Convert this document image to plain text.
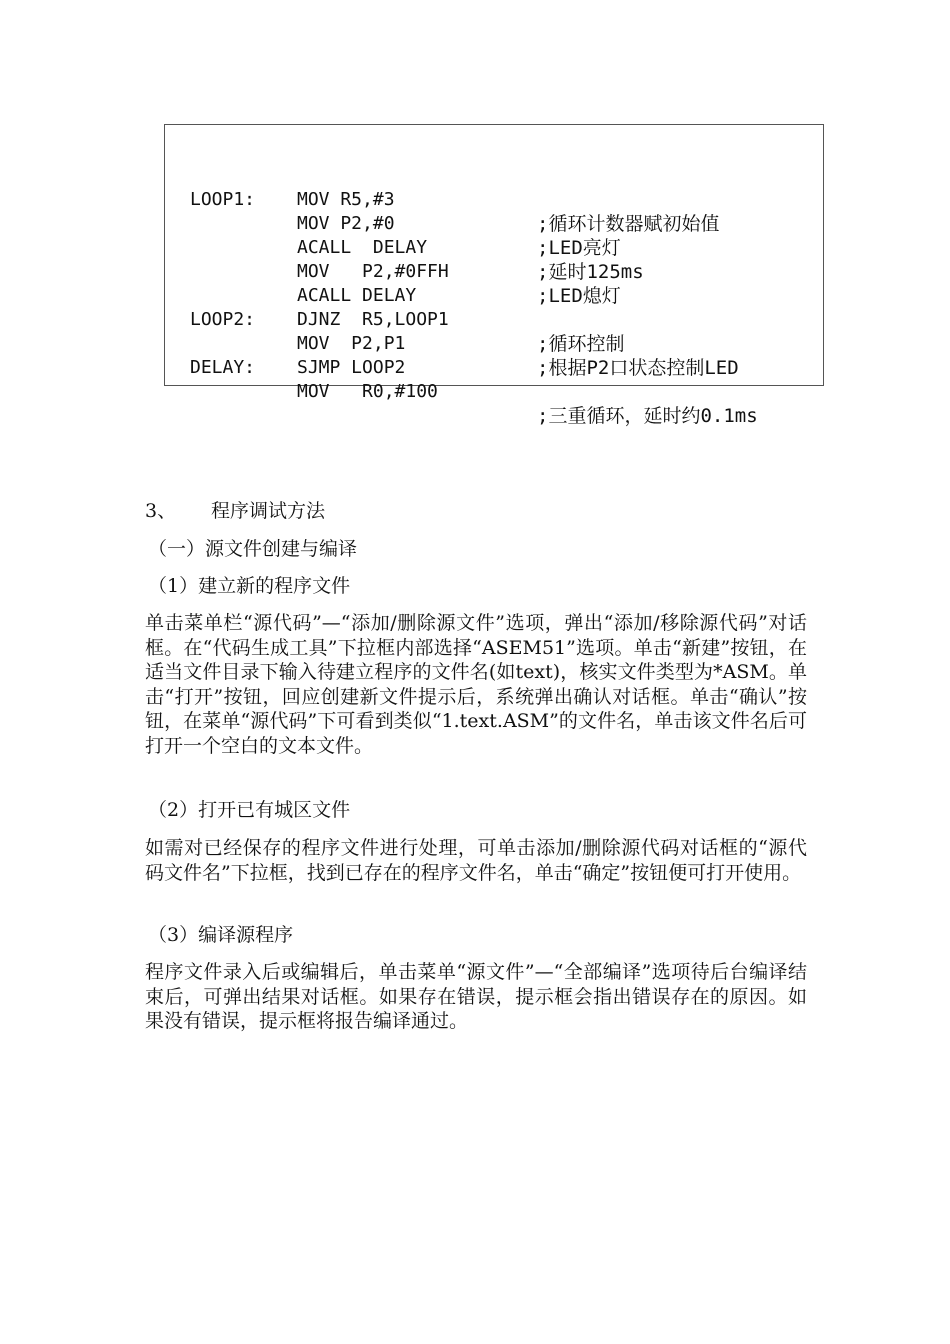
MOV R5,#3

;循环计数器赋初始值

LOOP1:

MOV P2,#0

;LED亮灯

ACALL  DELAY

;延时125ms

MOV   P2,#0FFH

;LED熄灯

ACALL DELAY

DJNZ  R5,LOOP1

;循环控制

LOOP2:

MOV  P2,P1

;根据P2口状态控制LED

SJMP LOOP2

DELAY:

MOV   R0,#100

;三重循环，延时约0.1ms

3、 程序调试方法
（一）源文件创建与编译
（1）建立新的程序文件
单击菜单栏“源代码”—“添加/删除源文件”选项，弹出“添加/移除源代码”对话框。在“代码生成工具”下拉框内部选择“ASEM51”选项。单击“新建”按钮，在适当文件目录下输入待建立程序的文件名(如text)，核实文件类型为*ASM。单击“打开”按钮，回应创建新文件提示后，系统弹出确认对话框。单击“确认”按钮，在菜单“源代码”下可看到类似“1.text.ASM”的文件名，单击该文件名后可打开一个空白的文本文件。
（2）打开已有城区文件
如需对已经保存的程序文件进行处理，可单击添加/删除源代码对话框的“源代码文件名”下拉框，找到已存在的程序文件名，单击“确定”按钮便可打开使用。
（3）编译源程序
程序文件录入后或编辑后，单击菜单“源文件”—“全部编译”选项待后台编译结束后，可弹出结果对话框。如果存在错误，提示框会指出错误存在的原因。如果没有错误，提示框将报告编译通过。
